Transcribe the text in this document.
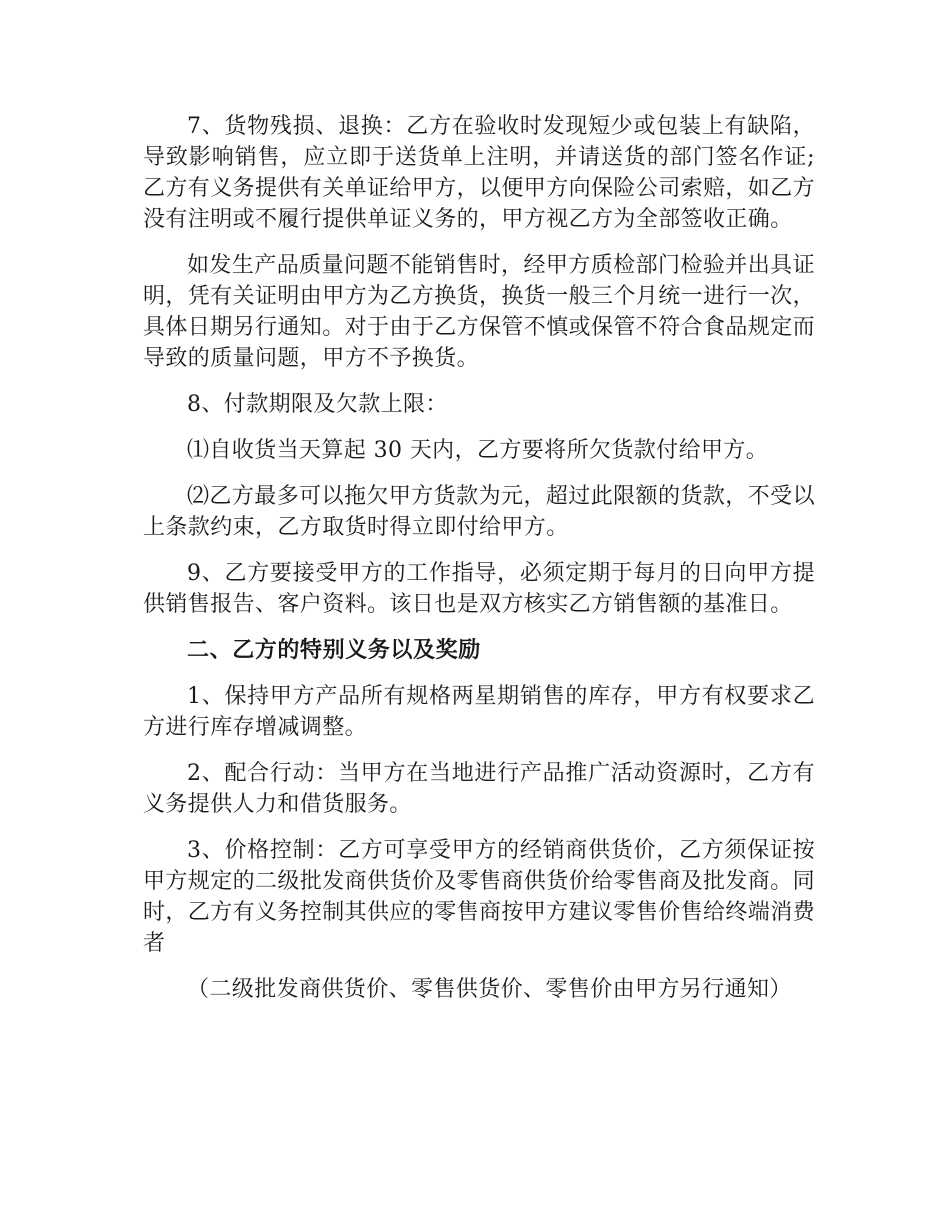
7、货物残损、退换：乙方在验收时发现短少或包装上有缺陷，导致影响销售，应立即于送货单上注明，并请送货的部门签名作证;乙方有义务提供有关单证给甲方，以便甲方向保险公司索赔，如乙方没有注明或不履行提供单证义务的，甲方视乙方为全部签收正确。

如发生产品质量问题不能销售时，经甲方质检部门检验并出具证明，凭有关证明由甲方为乙方换货，换货一般三个月统一进行一次，具体日期另行通知。对于由于乙方保管不慎或保管不符合食品规定而导致的质量问题，甲方不予换货。

8、付款期限及欠款上限：

⑴自收货当天算起 30 天内，乙方要将所欠货款付给甲方。

⑵乙方最多可以拖欠甲方货款为元，超过此限额的货款，不受以上条款约束，乙方取货时得立即付给甲方。

9、乙方要接受甲方的工作指导，必须定期于每月的日向甲方提供销售报告、客户资料。该日也是双方核实乙方销售额的基准日。

二、乙方的特别义务以及奖励

1、保持甲方产品所有规格两星期销售的库存，甲方有权要求乙方进行库存增减调整。

2、配合行动：当甲方在当地进行产品推广活动资源时，乙方有义务提供人力和借货服务。

3、价格控制：乙方可享受甲方的经销商供货价，乙方须保证按甲方规定的二级批发商供货价及零售商供货价给零售商及批发商。同时，乙方有义务控制其供应的零售商按甲方建议零售价售给终端消费者

（二级批发商供货价、零售供货价、零售价由甲方另行通知）
